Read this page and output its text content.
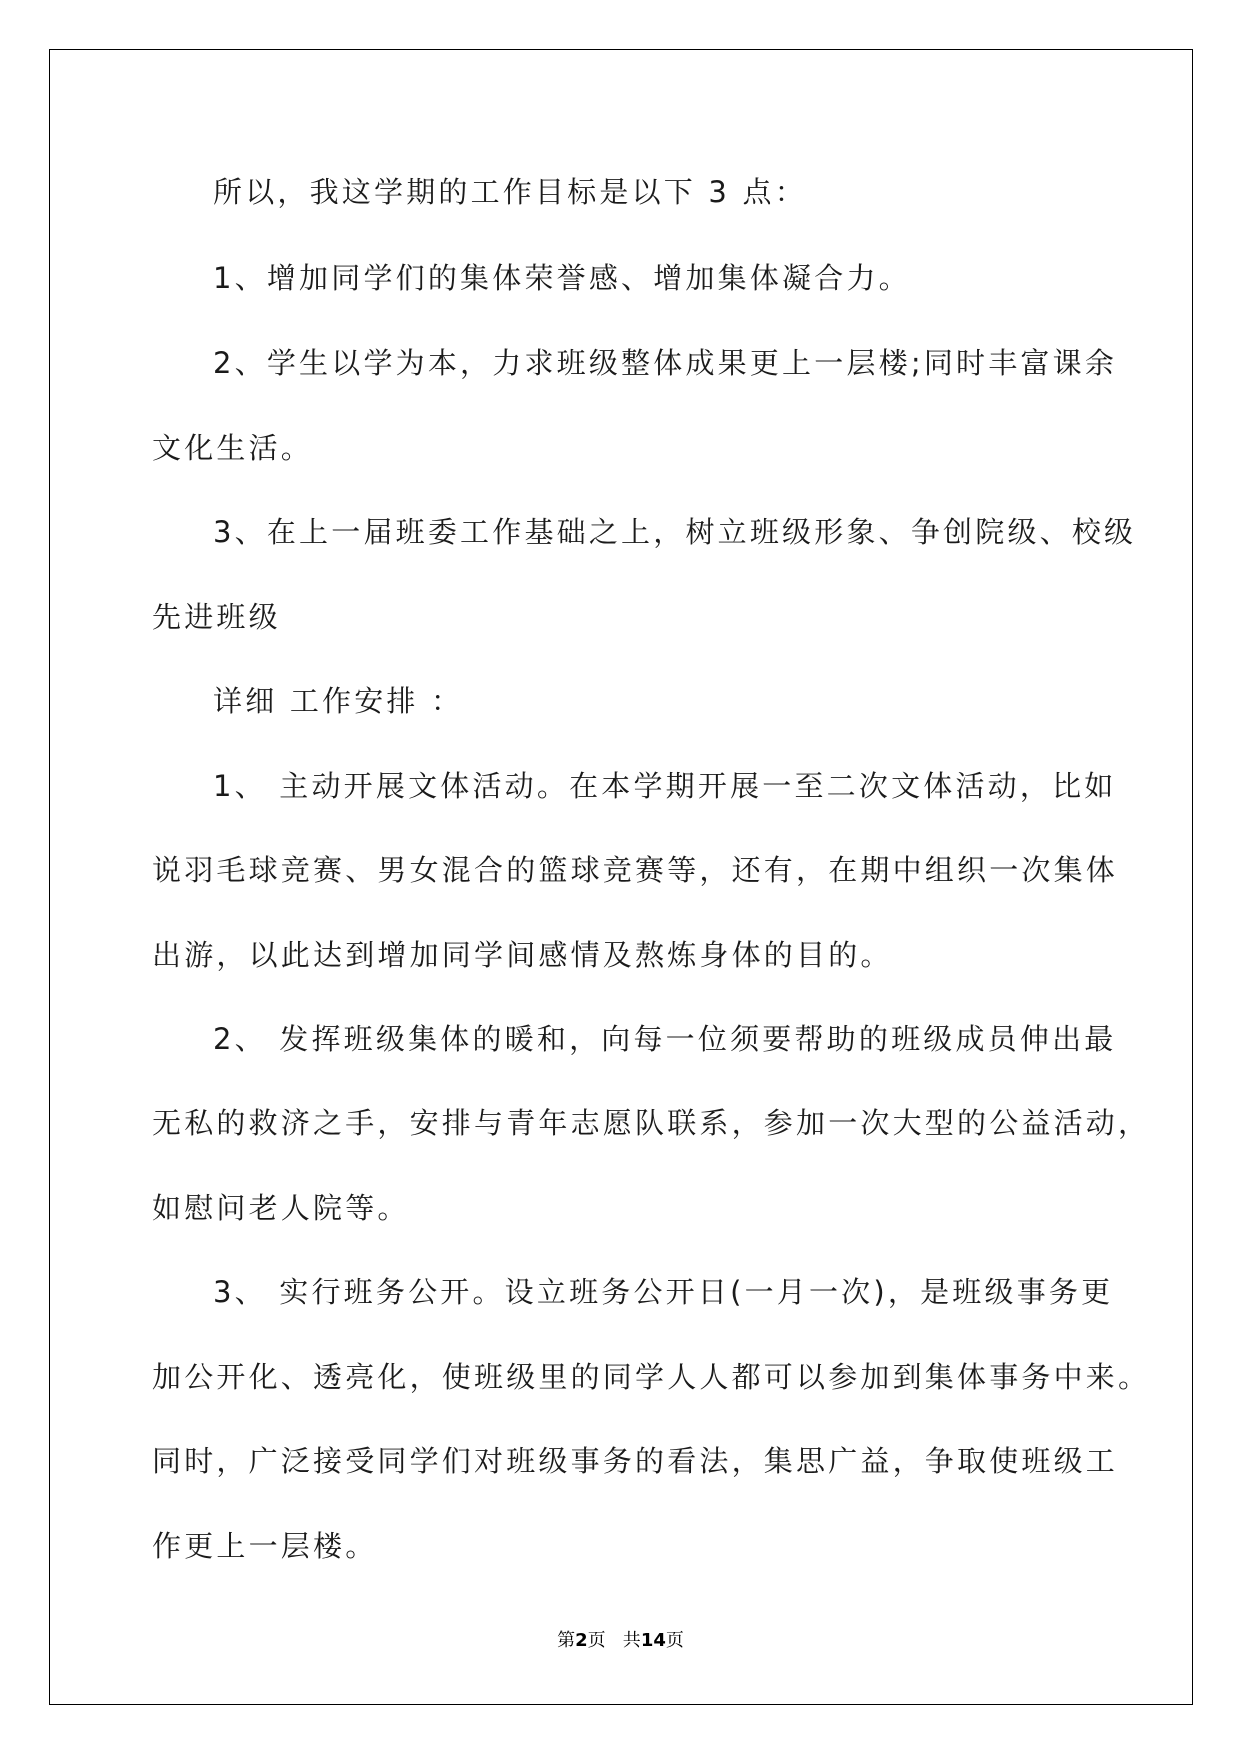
所以，我这学期的工作目标是以下 3 点：
1、增加同学们的集体荣誉感、增加集体凝合力。
2、学生以学为本，力求班级整体成果更上一层楼;同时丰富课余
文化生活。
3、在上一届班委工作基础之上，树立班级形象、争创院级、校级
先进班级
详细 工作安排 ：
1、 主动开展文体活动。在本学期开展一至二次文体活动，比如
说羽毛球竞赛、男女混合的篮球竞赛等，还有，在期中组织一次集体
出游，以此达到增加同学间感情及熬炼身体的目的。
2、 发挥班级集体的暖和，向每一位须要帮助的班级成员伸出最
无私的救济之手，安排与青年志愿队联系，参加一次大型的公益活动，
如慰问老人院等。
3、 实行班务公开。设立班务公开日(一月一次)，是班级事务更
加公开化、透亮化，使班级里的同学人人都可以参加到集体事务中来。
同时，广泛接受同学们对班级事务的看法，集思广益，争取使班级工
作更上一层楼。
第2页   共14页
